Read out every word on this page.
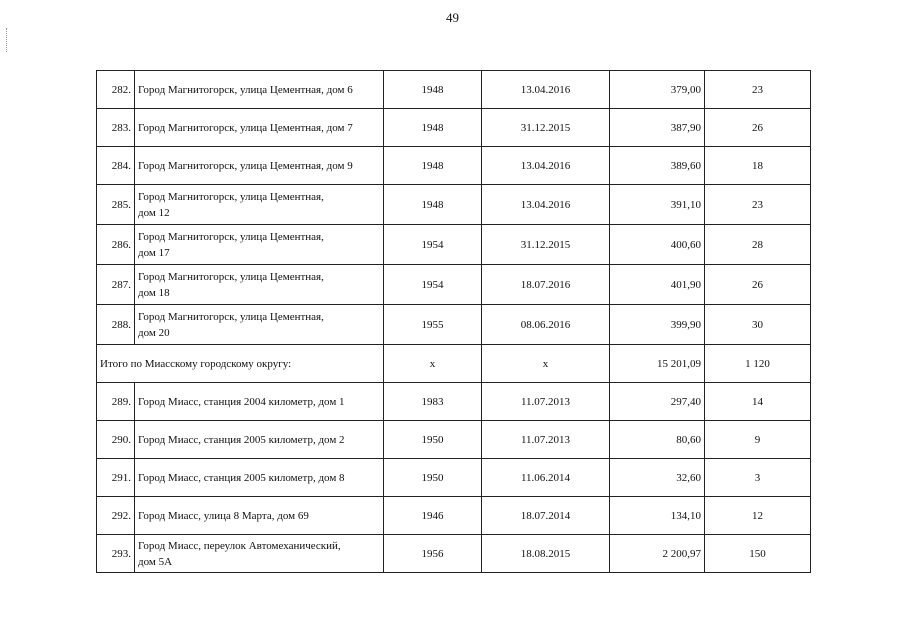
49
282.	Город Магнитогорск, улица Цементная, дом 6	1948	13.04.2016	379,00	23
283.	Город Магнитогорск, улица Цементная, дом 7	1948	31.12.2015	387,90	26
284.	Город Магнитогорск, улица Цементная, дом 9	1948	13.04.2016	389,60	18
285.	Город Магнитогорск, улица Цементная,
дом 12	1948	13.04.2016	391,10	23
286.	Город Магнитогорск, улица Цементная,
дом 17	1954	31.12.2015	400,60	28
287.	Город Магнитогорск, улица Цементная,
дом 18	1954	18.07.2016	401,90	26
288.	Город Магнитогорск, улица Цементная,
дом 20	1955	08.06.2016	399,90	30
Итого по Миасскому городскому округу:		х	х	15 201,09	1 120
289.	Город Миасс, станция 2004 километр, дом 1	1983	11.07.2013	297,40	14
290.	Город Миасс, станция 2005 километр, дом 2	1950	11.07.2013	80,60	9
291.	Город Миасс, станция 2005 километр, дом 8	1950	11.06.2014	32,60	3
292.	Город Миасс, улица 8 Марта, дом 69	1946	18.07.2014	134,10	12
293.	Город Миасс, переулок Автомеханический,
дом 5А	1956	18.08.2015	2 200,97	150
